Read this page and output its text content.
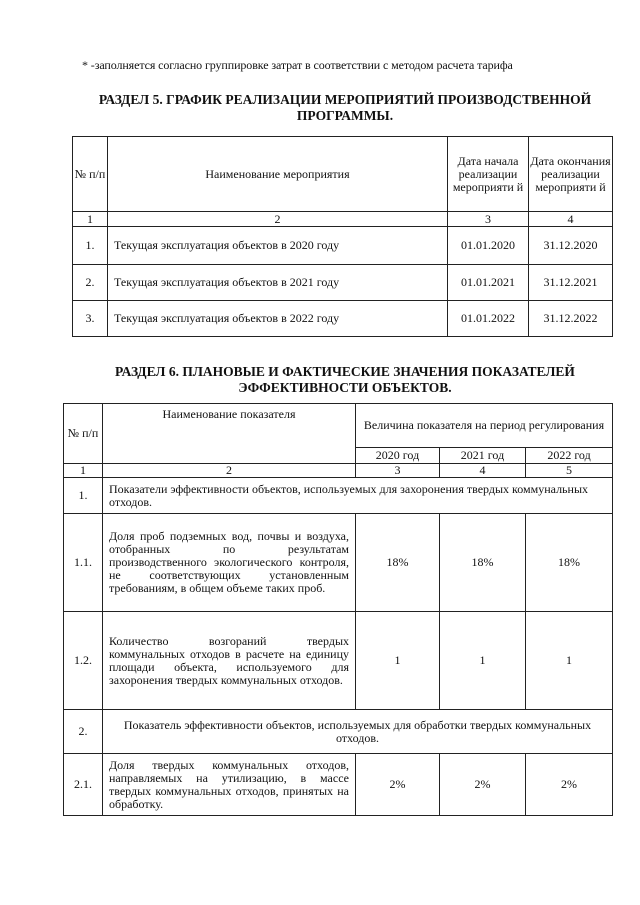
* -заполняется согласно группировке затрат в соответствии с методом расчета тарифа
РАЗДЕЛ 5. ГРАФИК РЕАЛИЗАЦИИ МЕРОПРИЯТИЙ ПРОИЗВОДСТВЕННОЙ ПРОГРАММЫ.
№ п/п	Наименование мероприятия	Дата начала реализации мероприяти й	Дата окончания реализации мероприяти й
1	2	3	4
1.	Текущая эксплуатация объектов в 2020 году	01.01.2020	31.12.2020
2.	Текущая эксплуатация объектов в 2021 году	01.01.2021	31.12.2021
3.	Текущая эксплуатация объектов в 2022 году	01.01.2022	31.12.2022
РАЗДЕЛ 6. ПЛАНОВЫЕ И ФАКТИЧЕСКИЕ ЗНАЧЕНИЯ ПОКАЗАТЕЛЕЙ ЭФФЕКТИВНОСТИ ОБЪЕКТОВ.
№ п/п	Наименование показателя	Величина показателя на период регулирования		
		2020 год	2021 год	2022 год
1	2	3	4	5
1.	Показатели эффективности объектов, используемых для захоронения твердых коммунальных отходов.			
1.1.	Доля проб подземных вод, почвы и воздуха, отобранных по результатам производственного экологического контроля, не соответствующих установленным требованиям, в общем объеме таких проб.	18%	18%	18%
1.2.	Количество возгораний твердых коммунальных отходов в расчете на единицу площади объекта, используемого для захоронения твердых коммунальных отходов.	1	1	1
2.	Показатель эффективности объектов, используемых для обработки твердых коммунальных отходов.			
2.1.	Доля твердых коммунальных отходов, направляемых на утилизацию, в массе твердых коммунальных отходов, принятых на обработку.	2%	2%	2%
